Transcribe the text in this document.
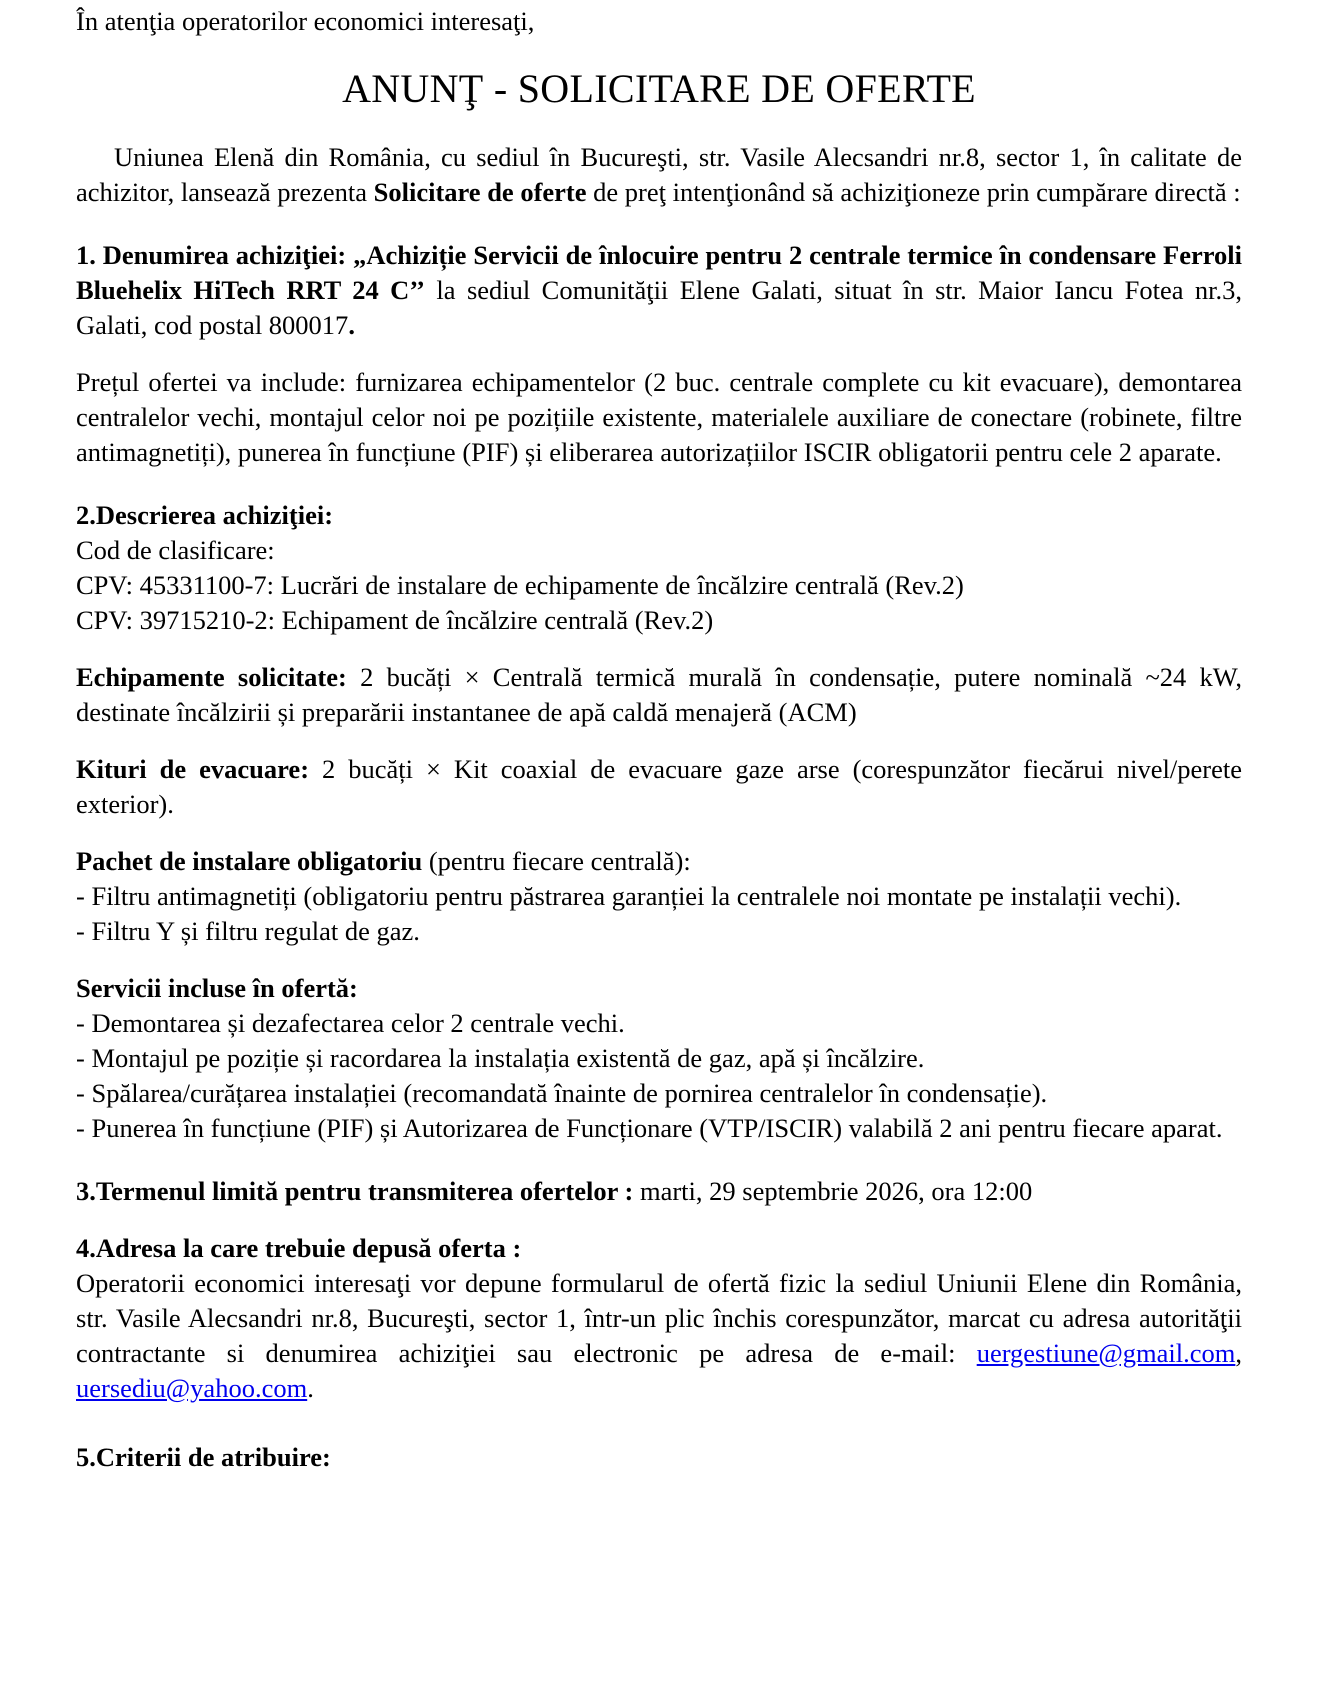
În atenţia operatorilor economici interesaţi,

ANUNŢ - SOLICITARE DE OFERTE

Uniunea Elenă din România, cu sediul în Bucureşti, str. Vasile Alecsandri nr.8, sector 1, în calitate de achizitor, lansează prezenta Solicitare de oferte de preţ intenţionând să achiziţioneze prin cumpărare directă :

1. Denumirea achiziţiei: „Achiziție Servicii de înlocuire pentru 2 centrale termice în condensare Ferroli Bluehelix HiTech RRT 24 C’’ la sediul Comunităţii Elene Galati, situat în str. Maior Iancu Fotea nr.3, Galati, cod postal 800017.

Prețul ofertei va include: furnizarea echipamentelor (2 buc. centrale complete cu kit evacuare), demontarea centralelor vechi, montajul celor noi pe pozițiile existente, materialele auxiliare de conectare (robinete, filtre antimagnetiți), punerea în funcțiune (PIF) și eliberarea autorizațiilor ISCIR obligatorii pentru cele 2 aparate.

2.Descrierea achiziţiei:

Cod de clasificare:

CPV: 45331100-7: Lucrări de instalare de echipamente de încălzire centrală (Rev.2)

CPV: 39715210-2: Echipament de încălzire centrală (Rev.2)

Echipamente solicitate: 2 bucăți × Centrală termică murală în condensație, putere nominală ~24 kW, destinate încălzirii și preparării instantanee de apă caldă menajeră (ACM)

Kituri de evacuare: 2 bucăți × Kit coaxial de evacuare gaze arse (corespunzător fiecărui nivel/perete exterior).

Pachet de instalare obligatoriu (pentru fiecare centrală):

- Filtru antimagnetiți (obligatoriu pentru păstrarea garanției la centralele noi montate pe instalații vechi).

- Filtru Y și filtru regulat de gaz.

Servicii incluse în ofertă:

- Demontarea și dezafectarea celor 2 centrale vechi.

- Montajul pe poziție și racordarea la instalația existentă de gaz, apă și încălzire.

- Spălarea/curățarea instalației (recomandată înainte de pornirea centralelor în condensație).

- Punerea în funcțiune (PIF) și Autorizarea de Funcționare (VTP/ISCIR) valabilă 2 ani pentru fiecare aparat.

3.Termenul limită pentru transmiterea ofertelor : marti, 29 septembrie 2026, ora 12:00

4.Adresa la care trebuie depusă oferta :

Operatorii economici interesaţi vor depune formularul de ofertă fizic la sediul Uniunii Elene din România, str. Vasile Alecsandri nr.8, Bucureşti, sector 1, într-un plic închis corespunzător, marcat cu adresa autorităţii contractante si denumirea achiziţiei sau electronic pe adresa de e-mail: uergestiune@gmail.com, uersediu@yahoo.com.

5.Criterii de atribuire:
